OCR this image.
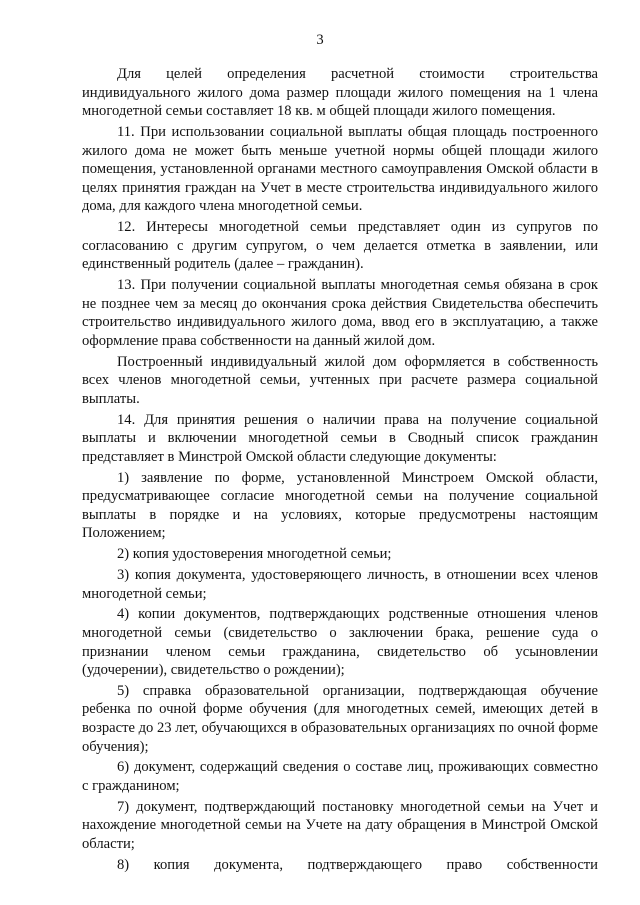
3

Для целей определения расчетной стоимости строительства индивидуального жилого дома размер площади жилого помещения на 1 члена многодетной семьи составляет 18 кв. м общей площади жилого помещения.

11. При использовании социальной выплаты общая площадь построенного жилого дома не может быть меньше учетной нормы общей площади жилого помещения, установленной органами местного самоуправления Омской области в целях принятия граждан на Учет в месте строительства индивидуального жилого дома, для каждого члена многодетной семьи.

12. Интересы многодетной семьи представляет один из супругов по согласованию с другим супругом, о чем делается отметка в заявлении, или единственный родитель (далее – гражданин).

13. При получении социальной выплаты многодетная семья обязана в срок не позднее чем за месяц до окончания срока действия Свидетельства обеспечить строительство индивидуального жилого дома, ввод его в эксплуатацию, а также оформление права собственности на данный жилой дом.

Построенный индивидуальный жилой дом оформляется в собственность всех членов многодетной семьи, учтенных при расчете размера социальной выплаты.

14. Для принятия решения о наличии права на получение социальной выплаты и включении многодетной семьи в Сводный список гражданин представляет в Минстрой Омской области следующие документы:

1) заявление по форме, установленной Минстроем Омской области, предусматривающее согласие многодетной семьи на получение социальной выплаты в порядке и на условиях, которые предусмотрены настоящим Положением;

2) копия удостоверения многодетной семьи;

3) копия документа, удостоверяющего личность, в отношении всех членов многодетной семьи;

4) копии документов, подтверждающих родственные отношения членов многодетной семьи (свидетельство о заключении брака, решение суда о признании членом семьи гражданина, свидетельство об усыновлении (удочерении), свидетельство о рождении);

5) справка образовательной организации, подтверждающая обучение ребенка по очной форме обучения (для многодетных семей, имеющих детей в возрасте до 23 лет, обучающихся в образовательных организациях по очной форме обучения);

6) документ, содержащий сведения о составе лиц, проживающих совместно с гражданином;

7) документ, подтверждающий постановку многодетной семьи на Учет и нахождение многодетной семьи на Учете на дату обращения в Минстрой Омской области;

8) копия документа, подтверждающего право собственности
